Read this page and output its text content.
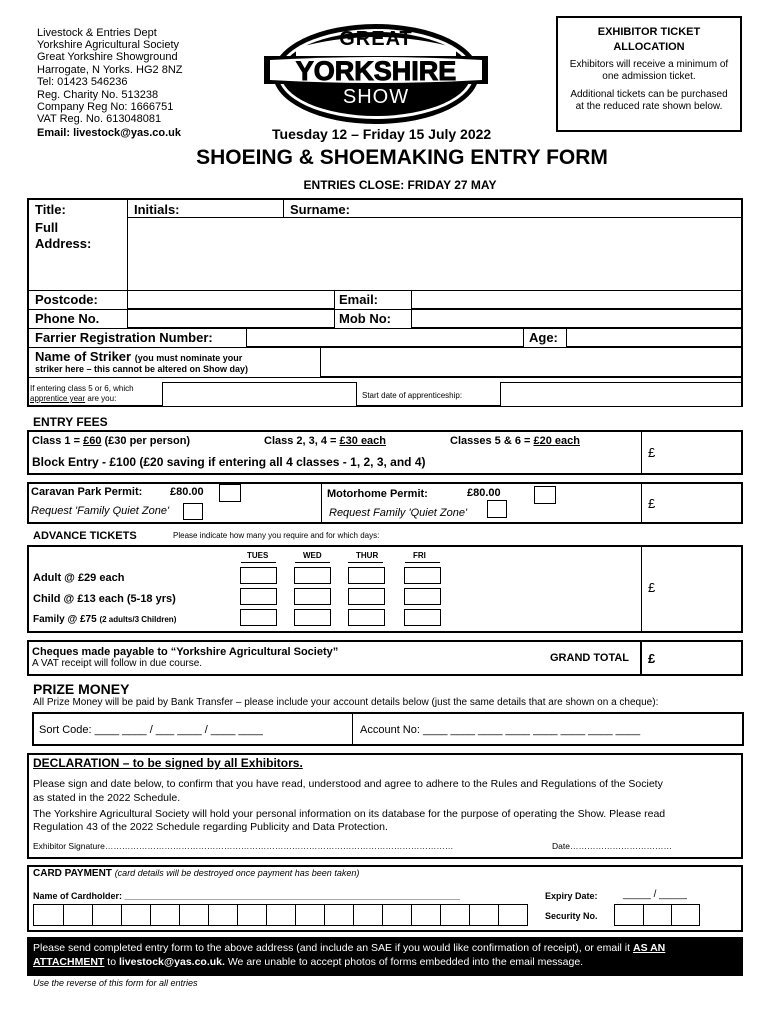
Livestock & Entries Dept
Yorkshire Agricultural Society
Great Yorkshire Showground
Harrogate, N Yorks. HG2 8NZ
Tel: 01423 546236
Reg. Charity No. 513238
Company Reg No: 1666751
VAT Reg. No. 613048081
Email: livestock@yas.co.uk
GREAT
YORKSHIRE
SHOW
Tuesday 12 – Friday 15 July 2022
EXHIBITOR TICKET
ALLOCATION
Exhibitors will receive a minimum of
one admission ticket.
Additional tickets can be purchased
at the reduced rate shown below.
SHOEING & SHOEMAKING ENTRY FORM
ENTRIES CLOSE: FRIDAY 27 MAY
Title:	Initials:	Surname:
Full
Address:
Postcode:	Email:
Phone No.	Mob No:
Farrier Registration Number:	Age:
Name of Striker (you must nominate your
striker here – this cannot be altered on Show day)
If entering class 5 or 6, which
apprentice year are you:	Start date of apprenticeship:
ENTRY FEES
Class 1 = £60 (£30 per person)	Class 2, 3, 4 = £30 each	Classes 5 & 6 = £20 each
Block Entry - £100 (£20 saving if entering all 4 classes - 1, 2, 3, and 4)
£
Caravan Park Permit:	£80.00
Request 'Family Quiet Zone'
Motorhome Permit:	£80.00
Request Family 'Quiet Zone'
£
ADVANCE TICKETS	Please indicate how many you require and for which days:
TUES	WED	THUR	FRI
Adult @ £29 each
Child @ £13 each (5-18 yrs)
Family @ £75 (2 adults/3 Children)
£
Cheques made payable to “Yorkshire Agricultural Society”
A VAT receipt will follow in due course.	GRAND TOTAL £
PRIZE MONEY
All Prize Money will be paid by Bank Transfer – please include your account details below (just the same details that are shown on a cheque):
Sort Code: ____ ____ / ___ ____ / ____ ____	Account No: ____ ____ ____ ____ ____ ____ ____ ____
DECLARATION – to be signed by all Exhibitors.
Please sign and date below, to confirm that you have read, understood and agree to adhere to the Rules and Regulations of the Society
as stated in the 2022 Schedule.
The Yorkshire Agricultural Society will hold your personal information on its database for the purpose of operating the Show. Please read
Regulation 43 of the 2022 Schedule regarding Publicity and Data Protection.
Exhibitor Signature……………………………………………………………………………………………………………	Date………………………………
CARD PAYMENT (card details will be destroyed once payment has been taken)
Name of Cardholder: ___________________________________________________________________	Expiry Date:	_____ / _____
Security No.
Please send completed entry form to the above address (and include an SAE if you would like confirmation of receipt), or email it AS AN
ATTACHMENT to livestock@yas.co.uk. We are unable to accept photos of forms embedded into the email message.
Use the reverse of this form for all entries
